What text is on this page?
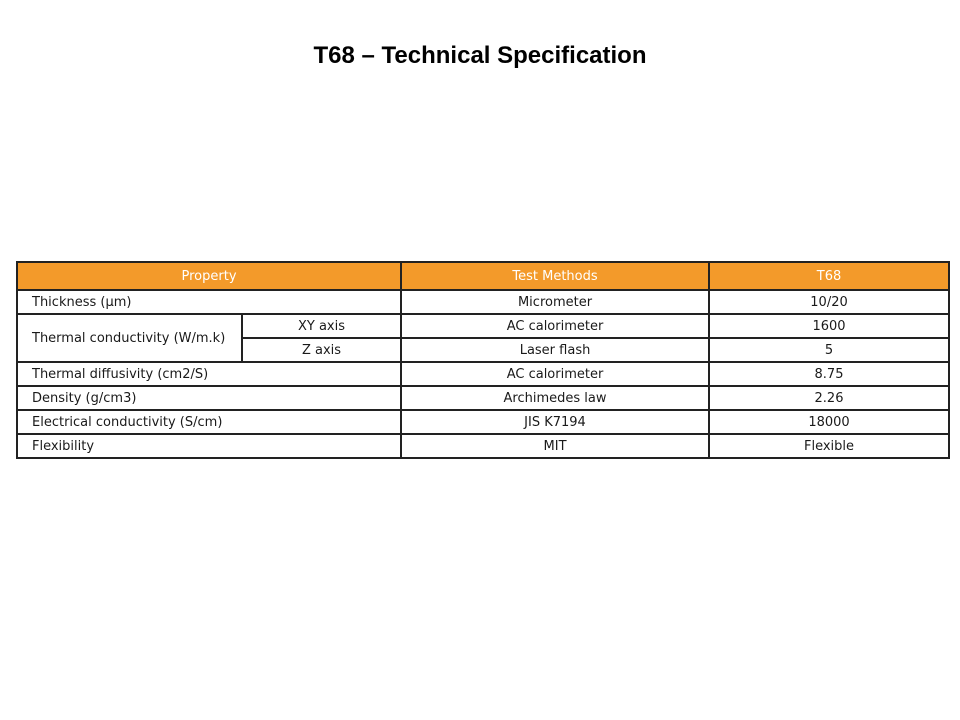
T68 – Technical Specification
Property		Test Methods	T68
Thickness (μm)		Micrometer	10/20
Thermal conductivity (W/m.k)	XY axis	AC calorimeter	1600
	Z axis	Laser flash	5
Thermal diffusivity (cm2/S)		AC calorimeter	8.75
Density (g/cm3)		Archimedes law	2.26
Electrical conductivity (S/cm)		JIS K7194	18000
Flexibility		MIT	Flexible
